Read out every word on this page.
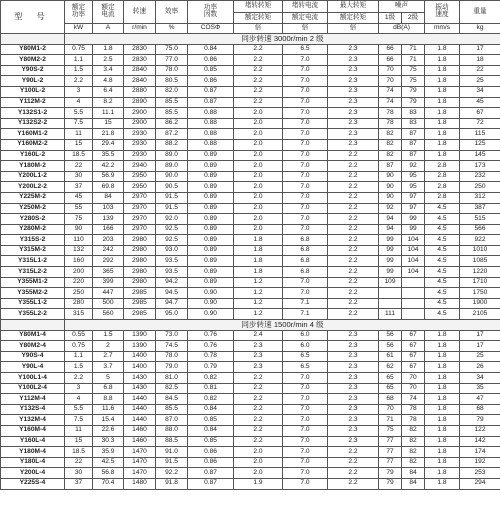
型 号	额定
功率	额定
电流	转速	效率	功率
因数	堵转转矩	堵转电流	最大转矩	噪声		振动
速度	重量
						额定转矩	额定电流	额定转矩	1级	2级		
	kW	A	r/min	%	COSΦ	倍	倍	倍	dB(A)		mm/s	kg
	同步转速 3000r/min 2 级											
Y80M1-2	0.75	1.8	2830	75.0	0.84	2.2	6.5	2.3	66	71	1.8	17
Y80M2-2	1.1	2.5	2830	77.0	0.86	2.2	7.0	2.3	66	71	1.8	18
Y90S-2	1.5	3.4	2840	78.0	0.85	2.2	7.0	2.3	70	75	1.8	22
Y90L-2	2.2	4.8	2840	80.5	0.86	2.2	7.0	2.3	70	75	1.8	25
Y100L-2	3	6.4	2880	82.0	0.87	2.2	7.0	2.3	74	79	1.8	34
Y112M-2	4	8.2	2890	85.5	0.87	2.2	7.0	2.3	74	79	1.8	45
Y132S1-2	5.5	11.1	2900	85.5	0.88	2.0	7.0	2.3	78	83	1.8	67
Y132S2-2	7.5	15	2900	86.2	0.88	2.0	7.0	2.3	78	83	1.8	72
Y160M1-2	11	21.8	2930	87.2	0.88	2.0	7.0	2.3	82	87	1.8	115
Y160M2-2	15	29.4	2930	88.2	0.88	2.0	7.0	2.3	82	87	1.8	125
Y160L-2	18.5	35.5	2930	89.0	0.89	2.0	7.0	2.2	82	87	1.8	145
Y180M-2	22	42.2	2940	89.0	0.89	2.0	7.0	2.2	87	92	2.8	173
Y200L1-2	30	56.9	2950	90.0	0.89	2.0	7.0	2.2	90	95	2.8	232
Y200L2-2	37	69.8	2950	90.5	0.89	2.0	7.0	2.2	90	95	2.8	250
Y225M-2	45	84	2970	91.5	0.89	2.0	7.0	2.2	90	97	2.8	312
Y250M-2	55	103	2970	91.5	0.89	2.0	7.0	2.2	92	97	4.5	387
Y280S-2	75	139	2970	92.0	0.89	2.0	7.0	2.2	94	99	4.5	515
Y280M-2	90	166	2970	92.5	0.89	2.0	7.0	2.2	94	99	4.5	566
Y315S-2	110	203	2980	92.5	0.89	1.8	6.8	2.2	99	104	4.5	922
Y315M-2	132	242	2980	93.0	0.89	1.8	6.8	2.2	99	104	4.5	1010
Y315L1-2	160	292	2980	93.5	0.89	1.8	6.8	2.2	99	104	4.5	1085
Y315L2-2	200	365	2980	93.5	0.89	1.8	6.8	2.2	99	104	4.5	1220
Y355M1-2	220	399	2980	94.2	0.89	1.2	7.0	2.2	109		4.5	1710
Y355M2-2	250	447	2985	94.5	0.90	1.2	7.0	2.2			4.5	1750
Y355L1-2	280	500	2985	94.7	0.90	1.2	7.1	2.2			4.5	1900
Y355L2-2	315	560	2985	95.0	0.90	1.2	7.1	2.2	111		4.5	2105
	同步转速 1500r/min 4 级											
Y80M1-4	0.55	1.5	1390	73.0	0.76	2.4	6.0	2.3	56	67	1.8	17
Y80M2-4	0.75	2	1390	74.5	0.76	2.3	6.0	2.3	56	67	1.8	17
Y90S-4	1.1	2.7	1400	78.0	0.78	2.3	6.5	2.3	61	67	1.8	25
Y90L-4	1.5	3.7	1400	79.0	0.79	2.3	6.5	2.3	62	67	1.8	26
Y100L1-4	2.2	5	1430	81.0	0.82	2.2	7.0	2.3	65	70	1.8	34
Y100L2-4	3	6.8	1430	82.5	0.81	2.2	7.0	2.3	65	70	1.8	35
Y112M-4	4	8.8	1440	84.5	0.82	2.2	7.0	2.3	68	74	1.8	47
Y132S-4	5.5	11.6	1440	85.5	0.84	2.2	7.0	2.3	70	78	1.8	68
Y132M-4	7.5	15.4	1440	87.0	0.85	2.2	7.0	2.3	71	78	1.8	79
Y160M-4	11	22.6	1460	88.0	0.84	2.2	7.0	2.3	75	82	1.8	122
Y160L-4	15	30.3	1460	88.5	0.85	2.2	7.0	2.3	77	82	1.8	142
Y180M-4	18.5	35.9	1470	91.0	0.86	2.0	7.0	2.2	77	82	1.8	174
Y180L-4	22	42.5	1470	91.5	0.86	2.0	7.0	2.2	77	82	1.8	192
Y200L-4	30	56.8	1470	92.2	0.87	2.0	7.0	2.2	79	84	1.8	253
Y225S-4	37	70.4	1480	91.8	0.87	1.9	7.0	2.2	79	84	1.8	294
